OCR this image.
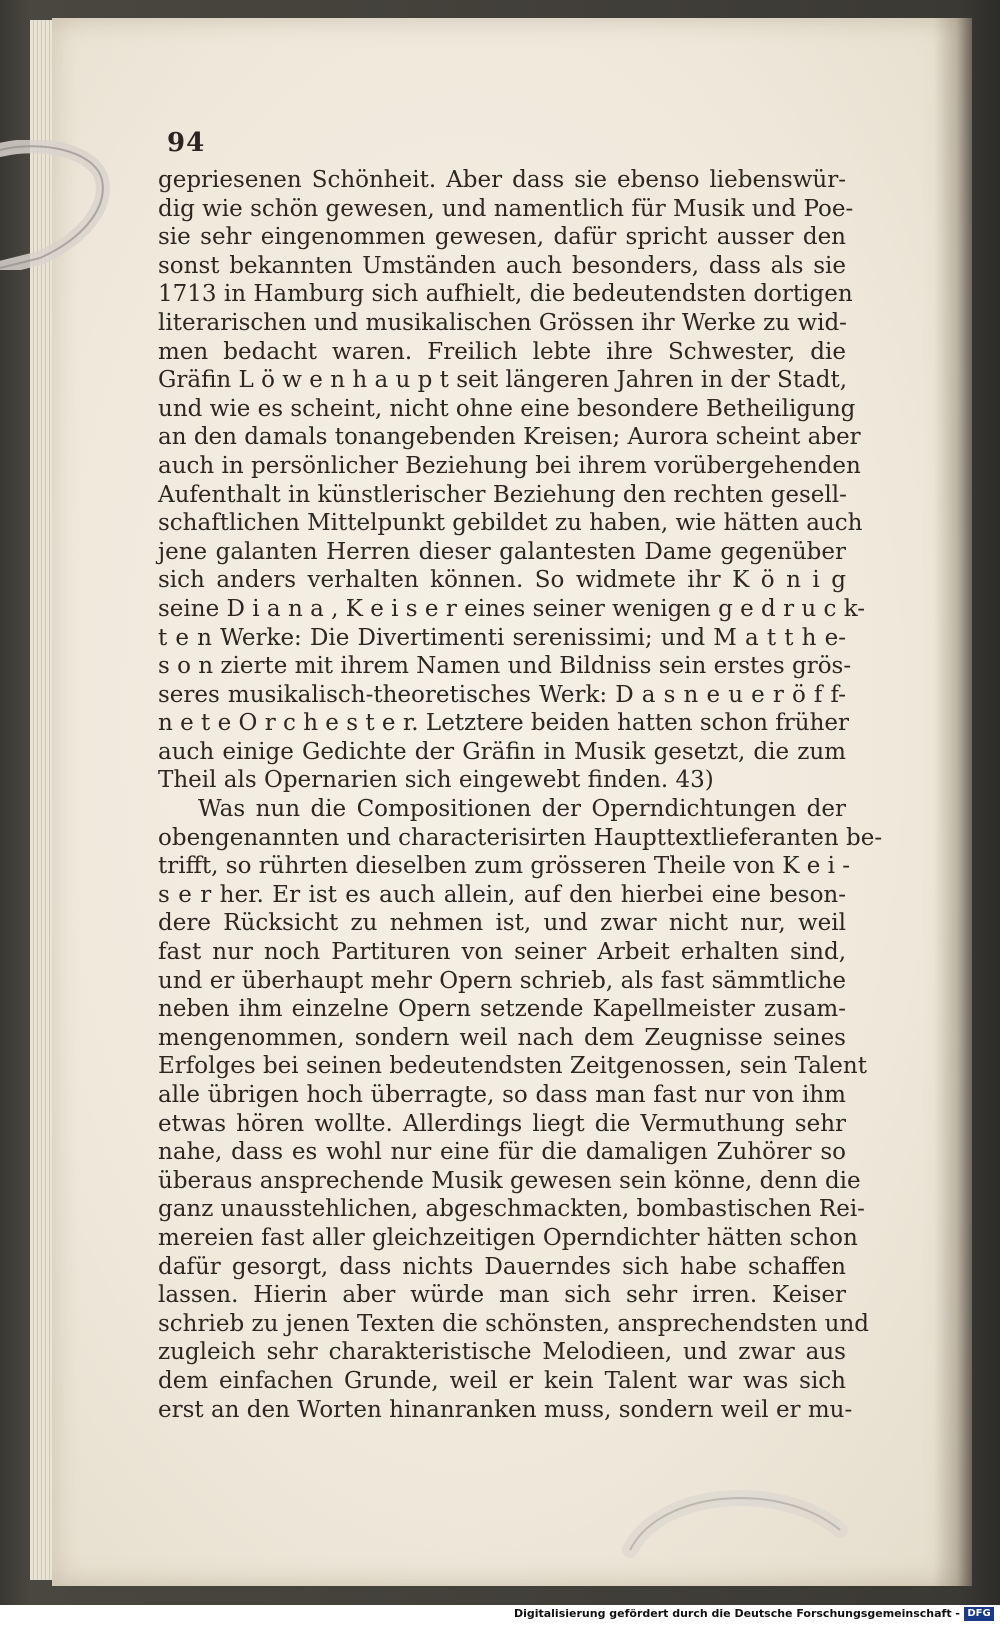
94
gepriesenen Schönheit. Aber dass sie ebenso liebenswür-
dig wie schön gewesen, und namentlich für Musik und Poe-
sie sehr eingenommen gewesen, dafür spricht ausser den
sonst bekannten Umständen auch besonders, dass als sie
1713 in Hamburg sich aufhielt, die bedeutendsten dortigen
literarischen und musikalischen Grössen ihr Werke zu wid-
men bedacht waren. Freilich lebte ihre Schwester, die
Gräfin L ö w e n h a u p t seit längeren Jahren in der Stadt,
und wie es scheint, nicht ohne eine besondere Betheiligung
an den damals tonangebenden Kreisen; Aurora scheint aber
auch in persönlicher Beziehung bei ihrem vorübergehenden
Aufenthalt in künstlerischer Beziehung den rechten gesell-
schaftlichen Mittelpunkt gebildet zu haben, wie hätten auch
jene galanten Herren dieser galantesten Dame gegenüber
sich anders verhalten können. So widmete ihr K ö n i g
seine D i a n a , K e i s e r eines seiner wenigen g e d r u c k-
t e n Werke: Die Divertimenti serenissimi; und M a t t h e-
s o n zierte mit ihrem Namen und Bildniss sein erstes grös-
seres musikalisch-theoretisches Werk: D a s n e u e r ö f f-
n e t e O r c h e s t e r. Letztere beiden hatten schon früher
auch einige Gedichte der Gräfin in Musik gesetzt, die zum
Theil als Opernarien sich eingewebt finden. 43)
Was nun die Compositionen der Operndichtungen der
obengenannten und characterisirten Haupttextlieferanten be-
trifft, so rührten dieselben zum grösseren Theile von K e i -
s e r her. Er ist es auch allein, auf den hierbei eine beson-
dere Rücksicht zu nehmen ist, und zwar nicht nur, weil
fast nur noch Partituren von seiner Arbeit erhalten sind,
und er überhaupt mehr Opern schrieb, als fast sämmtliche
neben ihm einzelne Opern setzende Kapellmeister zusam-
mengenommen, sondern weil nach dem Zeugnisse seines
Erfolges bei seinen bedeutendsten Zeitgenossen, sein Talent
alle übrigen hoch überragte, so dass man fast nur von ihm
etwas hören wollte. Allerdings liegt die Vermuthung sehr
nahe, dass es wohl nur eine für die damaligen Zuhörer so
überaus ansprechende Musik gewesen sein könne, denn die
ganz unausstehlichen, abgeschmackten, bombastischen Rei-
mereien fast aller gleichzeitigen Operndichter hätten schon
dafür gesorgt, dass nichts Dauerndes sich habe schaffen
lassen. Hierin aber würde man sich sehr irren. Keiser
schrieb zu jenen Texten die schönsten, ansprechendsten und
zugleich sehr charakteristische Melodieen, und zwar aus
dem einfachen Grunde, weil er kein Talent war was sich
erst an den Worten hinanranken muss, sondern weil er mu-
Digitalisierung gefördert durch die Deutsche Forschungsgemeinschaft - DFG
